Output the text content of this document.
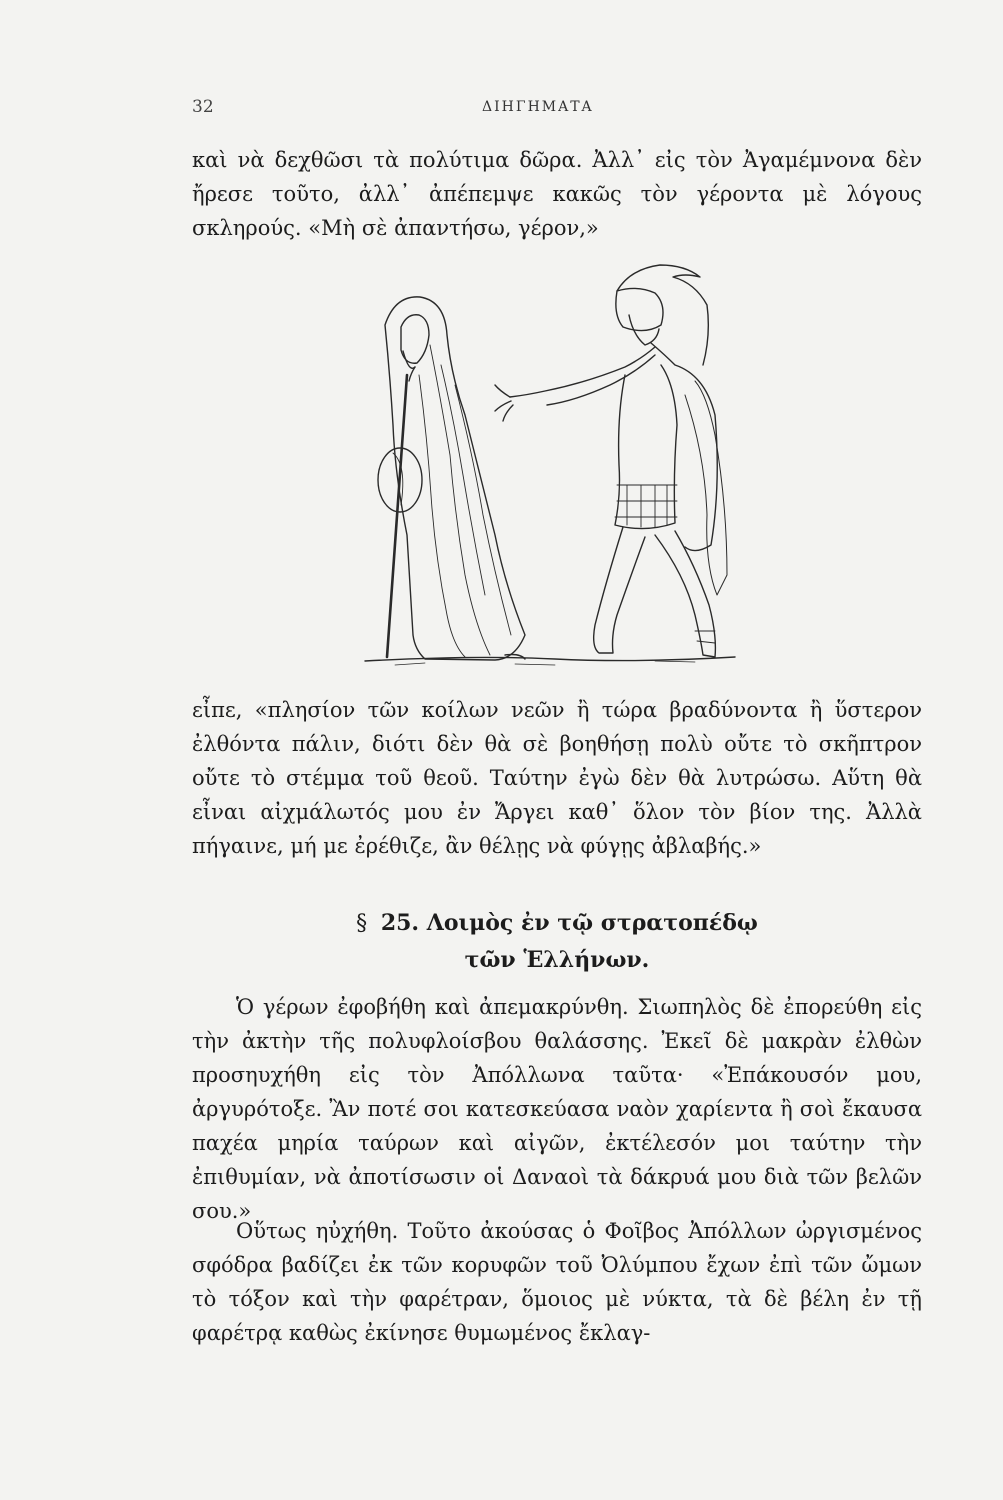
32	ΔΙΗΓΗΜΑΤΑ

καὶ νὰ δεχθῶσι τὰ πολύτιμα δῶρα. Ἀλλ᾽ εἰς τὸν Ἀγαμέμνονα δὲν ἤρεσε τοῦτο, ἀλλ᾽ ἀπέπεμψε κακῶς τὸν γέροντα μὲ λόγους σκληρούς. «Μὴ σὲ ἀπαντήσω, γέρον,»

εἶπε, «πλησίον τῶν κοίλων νεῶν ἢ τώρα βραδύνοντα ἢ ὕστερον ἐλθόντα πάλιν, διότι δὲν θὰ σὲ βοηθήσῃ πολὺ οὔτε τὸ σκῆπτρον οὔτε τὸ στέμμα τοῦ θεοῦ. Ταύτην ἐγὼ δὲν θὰ λυτρώσω. Αὕτη θὰ εἶναι αἰχμάλωτός μου ἐν Ἄργει καθ᾽ ὅλον τὸν βίον της. Ἀλλὰ πήγαινε, μή με ἐρέθιζε, ἂν θέλῃς νὰ φύγῃς ἀβλαβής.»

§ 25. Λοιμὸς ἐν τῷ στρατοπέδῳ
τῶν Ἑλλήνων.

Ὁ γέρων ἐφοβήθη καὶ ἀπεμακρύνθη. Σιωπηλὸς δὲ ἐπορεύθη εἰς τὴν ἀκτὴν τῆς πολυφλοίσβου θαλάσσης. Ἐκεῖ δὲ μακρὰν ἐλθὼν προσηυχήθη εἰς τὸν Ἀπόλλωνα ταῦτα· «Ἐπάκουσόν μου, ἀργυρότοξε. Ἂν ποτέ σοι κατεσκεύασα ναὸν χαρίεντα ἢ σοὶ ἔκαυσα παχέα μηρία ταύρων καὶ αἰγῶν, ἐκτέλεσόν μοι ταύτην τὴν ἐπιθυμίαν, νὰ ἀποτίσωσιν οἱ Δαναοὶ τὰ δάκρυά μου διὰ τῶν βελῶν σου.»

Οὕτως ηὐχήθη. Τοῦτο ἀκούσας ὁ Φοῖβος Ἀπόλλων ὠργισμένος σφόδρα βαδίζει ἐκ τῶν κορυφῶν τοῦ Ὀλύμπου ἔχων ἐπὶ τῶν ὤμων τὸ τόξον καὶ τὴν φαρέτραν, ὅμοιος μὲ νύκτα, τὰ δὲ βέλη ἐν τῇ φαρέτρᾳ καθὼς ἐκίνησε θυμωμένος ἔκλαγ-
